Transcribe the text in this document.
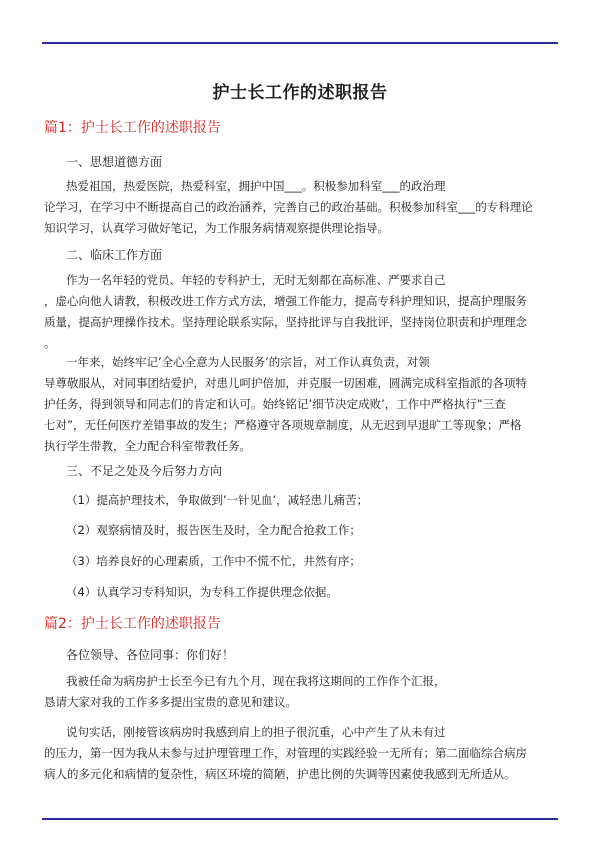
护士长工作的述职报告
篇1：护士长工作的述职报告
一、思想道德方面
热爱祖国，热爱医院，热爱科室，拥护中国___。积极参加科室___的政治理
论学习，在学习中不断提高自己的政治涵养，完善自己的政治基础。积极参加科室___的专科理论
知识学习，认真学习做好笔记，为工作服务病情观察提供理论指导。
二、临床工作方面
作为一名年轻的党员、年轻的专科护士，无时无刻都在高标准、严要求自己
，虚心向他人请教，积极改进工作方式方法，增强工作能力，提高专科护理知识，提高护理服务
质量，提高护理操作技术。坚持理论联系实际，坚持批评与自我批评，坚持岗位职责和护理理念
。
一年来，始终牢记’全心全意为人民服务’的宗旨，对工作认真负责，对领
导尊敬服从，对同事团结爱护，对患儿呵护倍加，并克服一切困难，圆满完成科室指派的各项特
护任务，得到领导和同志们的肯定和认可。始终铭记’细节决定成败’，工作中严格执行”三查
七对”，无任何医疗差错事故的发生；严格遵守各项规章制度，从无迟到早退旷工等现象；严格
执行学生带教，全力配合科室带教任务。
三、不足之处及今后努力方向
（1）提高护理技术，争取做到’一针见血’，减轻患儿痛苦；
（2）观察病情及时，报告医生及时，全力配合抢救工作；
（3）培养良好的心理素质，工作中不慌不忙，井然有序；
（4）认真学习专科知识，为专科工作提供理念依据。
篇2：护士长工作的述职报告
各位领导、各位同事：你们好！
我被任命为病房护士长至今已有九个月，现在我将这期间的工作作个汇报，
恳请大家对我的工作多多提出宝贵的意见和建议。
说句实话，刚接管该病房时我感到肩上的担子很沉重，心中产生了从未有过
的压力，第一因为我从未参与过护理管理工作，对管理的实践经验一无所有；第二面临综合病房
病人的多元化和病情的复杂性，病区环境的简陋，护患比例的失调等因素使我感到无所适从。
